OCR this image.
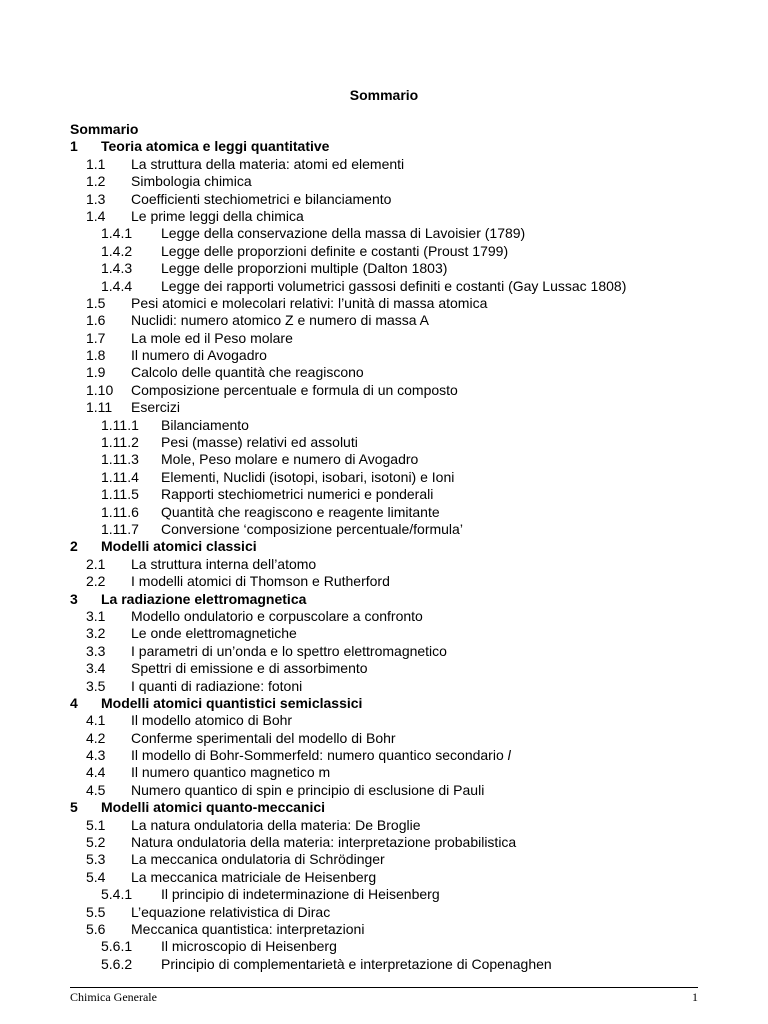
Sommario
Sommario
1 Teoria atomica e leggi quantitative
1.1 La struttura della materia: atomi ed elementi
1.2 Simbologia chimica
1.3 Coefficienti stechiometrici e bilanciamento
1.4 Le prime leggi della chimica
1.4.1 Legge della conservazione della massa di Lavoisier (1789)
1.4.2 Legge delle proporzioni definite e costanti (Proust 1799)
1.4.3 Legge delle proporzioni multiple (Dalton 1803)
1.4.4 Legge dei rapporti volumetrici gassosi definiti e costanti (Gay Lussac 1808)
1.5 Pesi atomici e molecolari relativi: l’unità di massa atomica
1.6 Nuclidi: numero atomico Z e numero di massa A
1.7 La mole ed il Peso molare
1.8 Il numero di Avogadro
1.9 Calcolo delle quantità che reagiscono
1.10 Composizione percentuale e formula di un composto
1.11 Esercizi
1.11.1 Bilanciamento
1.11.2 Pesi (masse) relativi ed assoluti
1.11.3 Mole, Peso molare e numero di Avogadro
1.11.4 Elementi, Nuclidi (isotopi, isobari, isotoni) e Ioni
1.11.5 Rapporti stechiometrici numerici e ponderali
1.11.6 Quantità che reagiscono e reagente limitante
1.11.7 Conversione ‘composizione percentuale/formula’
2 Modelli atomici classici
2.1 La struttura interna dell’atomo
2.2 I modelli atomici di Thomson e Rutherford
3 La radiazione elettromagnetica
3.1 Modello ondulatorio e corpuscolare a confronto
3.2 Le onde elettromagnetiche
3.3 I parametri di un’onda e lo spettro elettromagnetico
3.4 Spettri di emissione e di assorbimento
3.5 I quanti di radiazione: fotoni
4 Modelli atomici quantistici semiclassici
4.1 Il modello atomico di Bohr
4.2 Conferme sperimentali del modello di Bohr
4.3 Il modello di Bohr-Sommerfeld: numero quantico secondario l
4.4 Il numero quantico magnetico m
4.5 Numero quantico di spin e principio di esclusione di Pauli
5 Modelli atomici quanto-meccanici
5.1 La natura ondulatoria della materia: De Broglie
5.2 Natura ondulatoria della materia: interpretazione probabilistica
5.3 La meccanica ondulatoria di Schrödinger
5.4 La meccanica matriciale de Heisenberg
5.4.1 Il principio di indeterminazione di Heisenberg
5.5 L’equazione relativistica di Dirac
5.6 Meccanica quantistica: interpretazioni
5.6.1 Il microscopio di Heisenberg
5.6.2 Principio di complementarietà e interpretazione di Copenaghen
Chimica Generale	1
